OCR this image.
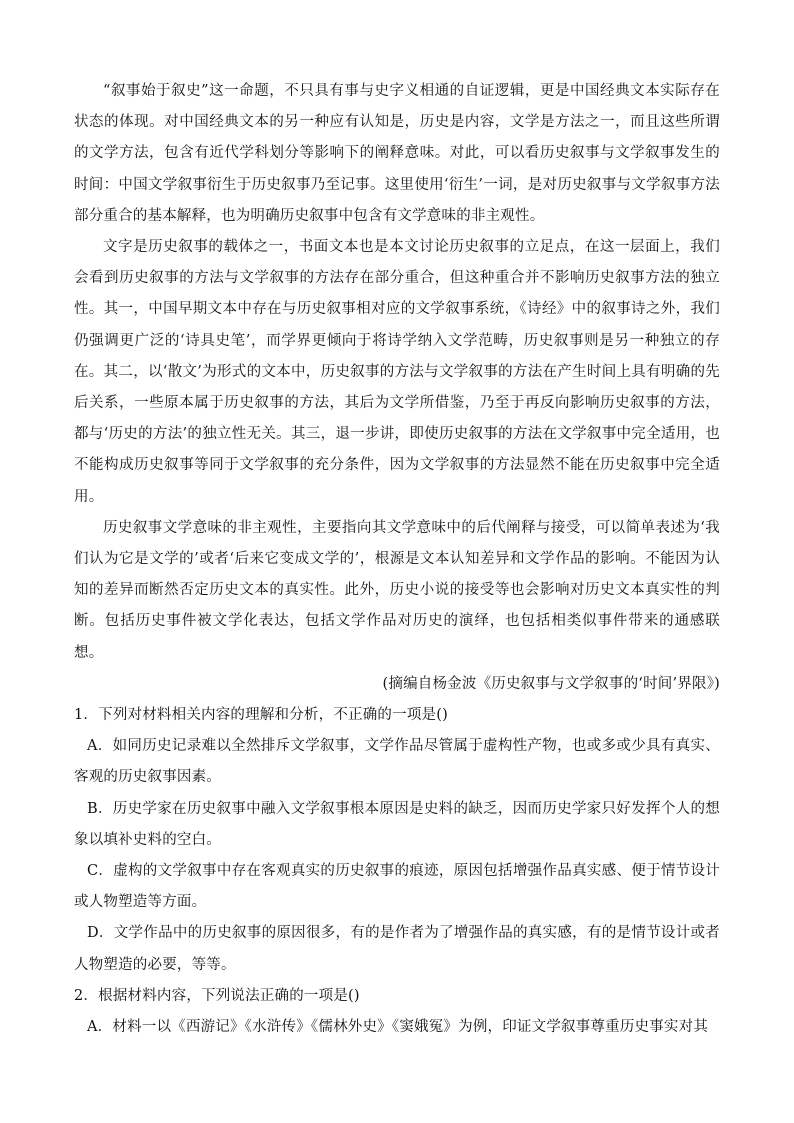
“叙事始于叙史”这一命题，不只具有事与史字义相通的自证逻辑，更是中国经典文本实际存在状态的体现。对中国经典文本的另一种应有认知是，历史是内容，文学是方法之一，而且这些所谓的文学方法，包含有近代学科划分等影响下的阐释意味。对此，可以看历史叙事与文学叙事发生的时间：中国文学叙事衍生于历史叙事乃至记事。这里使用‘衍生’一词，是对历史叙事与文学叙事方法部分重合的基本解释，也为明确历史叙事中包含有文学意味的非主观性。

文字是历史叙事的载体之一，书面文本也是本文讨论历史叙事的立足点，在这一层面上，我们会看到历史叙事的方法与文学叙事的方法存在部分重合，但这种重合并不影响历史叙事方法的独立性。其一，中国早期文本中存在与历史叙事相对应的文学叙事系统，《诗经》中的叙事诗之外，我们仍强调更广泛的‘诗具史笔’，而学界更倾向于将诗学纳入文学范畴，历史叙事则是另一种独立的存在。其二，以‘散文’为形式的文本中，历史叙事的方法与文学叙事的方法在产生时间上具有明确的先后关系，一些原本属于历史叙事的方法，其后为文学所借鉴，乃至于再反向影响历史叙事的方法，都与‘历史的方法’的独立性无关。其三，退一步讲，即使历史叙事的方法在文学叙事中完全适用，也不能构成历史叙事等同于文学叙事的充分条件，因为文学叙事的方法显然不能在历史叙事中完全适用。

历史叙事文学意味的非主观性，主要指向其文学意味中的后代阐释与接受，可以简单表述为‘我们认为它是文学的’或者‘后来它变成文学的’，根源是文本认知差异和文学作品的影响。不能因为认知的差异而断然否定历史文本的真实性。此外，历史小说的接受等也会影响对历史文本真实性的判断。包括历史事件被文学化表达，包括文学作品对历史的演绎，也包括相类似事件带来的通感联想。

(摘编自杨金波《历史叙事与文学叙事的‘时间’界限》)

1．下列对材料相关内容的理解和分析，不正确的一项是()

A．如同历史记录难以全然排斥文学叙事，文学作品尽管属于虚构性产物，也或多或少具有真实、客观的历史叙事因素。

B．历史学家在历史叙事中融入文学叙事根本原因是史料的缺乏，因而历史学家只好发挥个人的想象以填补史料的空白。

C．虚构的文学叙事中存在客观真实的历史叙事的痕迹，原因包括增强作品真实感、便于情节设计或人物塑造等方面。

D．文学作品中的历史叙事的原因很多，有的是作者为了增强作品的真实感，有的是情节设计或者人物塑造的必要，等等。

2．根据材料内容，下列说法正确的一项是()

A．材料一以《西游记》《水浒传》《儒林外史》《窦娥冤》为例，印证文学叙事尊重历史事实对其
